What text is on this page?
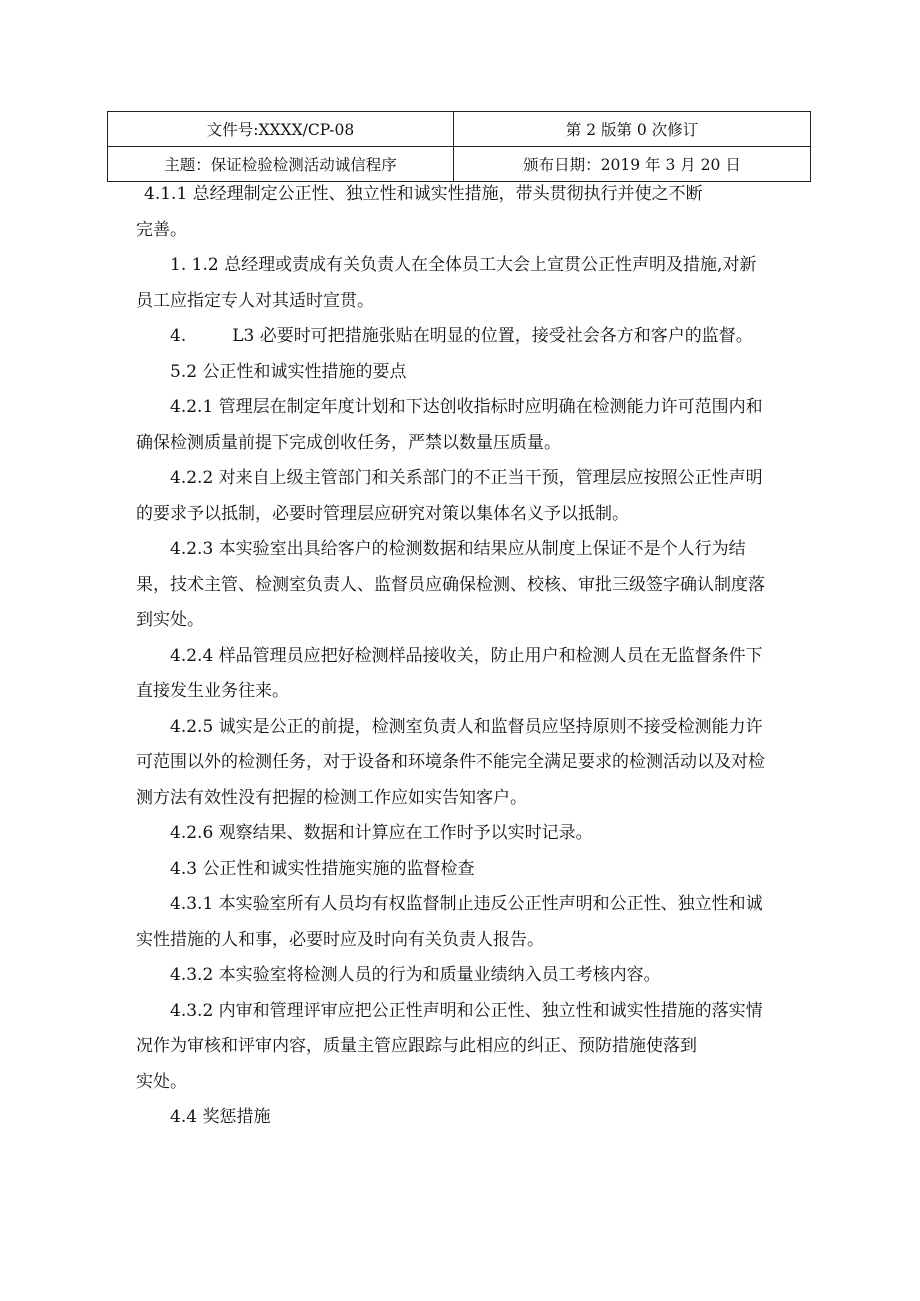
文件号:XXXX/CP-08	第 2 版第 0 次修订
主题：保证检验检测活动诚信程序	颁布日期：2019 年 3 月 20 日

4.1.1 总经理制定公正性、独立性和诚实性措施，带头贯彻执行并使之不断

完善。

1. 1.2 总经理或责成有关负责人在全体员工大会上宣贯公正性声明及措施,对新

员工应指定专人对其适时宣贯。

4.	L3 必要时可把措施张贴在明显的位置，接受社会各方和客户的监督。

5.2 公正性和诚实性措施的要点

4.2.1 管理层在制定年度计划和下达创收指标时应明确在检测能力许可范围内和

确保检测质量前提下完成创收任务，严禁以数量压质量。

4.2.2 对来自上级主管部门和关系部门的不正当干预，管理层应按照公正性声明

的要求予以抵制，必要时管理层应研究对策以集体名义予以抵制。

4.2.3 本实验室出具给客户的检测数据和结果应从制度上保证不是个人行为结

果，技术主管、检测室负责人、监督员应确保检测、校核、审批三级签字确认制度落

到实处。

4.2.4 样品管理员应把好检测样品接收关，防止用户和检测人员在无监督条件下

直接发生业务往来。

4.2.5 诚实是公正的前提，检测室负责人和监督员应坚持原则不接受检测能力许

可范围以外的检测任务，对于设备和环境条件不能完全满足要求的检测活动以及对检

测方法有效性没有把握的检测工作应如实告知客户。

4.2.6 观察结果、数据和计算应在工作时予以实时记录。

4.3 公正性和诚实性措施实施的监督检查

4.3.1 本实验室所有人员均有权监督制止违反公正性声明和公正性、独立性和诚

实性措施的人和事，必要时应及时向有关负责人报告。

4.3.2 本实验室将检测人员的行为和质量业绩纳入员工考核内容。

4.3.2 内审和管理评审应把公正性声明和公正性、独立性和诚实性措施的落实情

况作为审核和评审内容，质量主管应跟踪与此相应的纠正、预防措施使落到

实处。

4.4 奖惩措施
